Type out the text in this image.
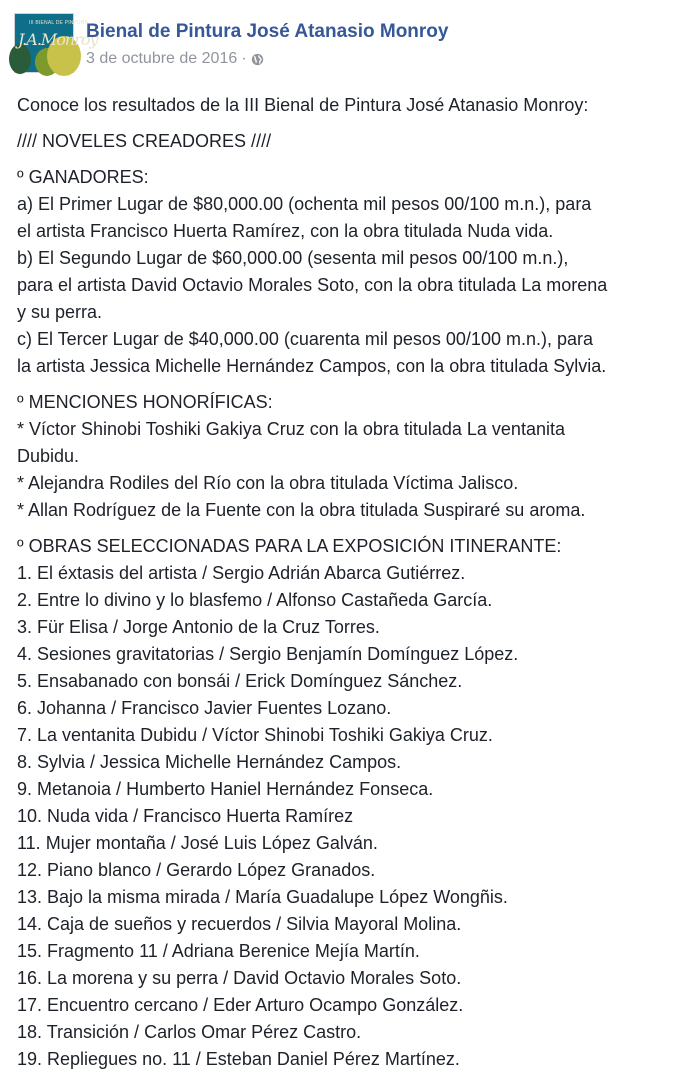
III BIENAL DE PINTURA
J.A.Monroy
Bienal de Pintura José Atanasio Monroy
3 de octubre de 2016 ·

Conoce los resultados de la III Bienal de Pintura José Atanasio Monroy:

//// NOVELES CREADORES ////

º GANADORES:

a) El Primer Lugar de $80,000.00 (ochenta mil pesos 00/100 m.n.), para

el artista Francisco Huerta Ramírez, con la obra titulada Nuda vida.

b) El Segundo Lugar de $60,000.00 (sesenta mil pesos 00/100 m.n.),

para el artista David Octavio Morales Soto, con la obra titulada La morena

y su perra.

c) El Tercer Lugar de $40,000.00 (cuarenta mil pesos 00/100 m.n.), para

la artista Jessica Michelle Hernández Campos, con la obra titulada Sylvia.

º MENCIONES HONORÍFICAS:

* Víctor Shinobi Toshiki Gakiya Cruz con la obra titulada La ventanita

Dubidu.

* Alejandra Rodiles del Río con la obra titulada Víctima Jalisco.

* Allan Rodríguez de la Fuente con la obra titulada Suspiraré su aroma.

º OBRAS SELECCIONADAS PARA LA EXPOSICIÓN ITINERANTE:

1. El éxtasis del artista / Sergio Adrián Abarca Gutiérrez.

2. Entre lo divino y lo blasfemo / Alfonso Castañeda García.

3. Für Elisa / Jorge Antonio de la Cruz Torres.

4. Sesiones gravitatorias / Sergio Benjamín Domínguez López.

5. Ensabanado con bonsái / Erick Domínguez Sánchez.

6. Johanna / Francisco Javier Fuentes Lozano.

7. La ventanita Dubidu / Víctor Shinobi Toshiki Gakiya Cruz.

8. Sylvia / Jessica Michelle Hernández Campos.

9. Metanoia / Humberto Haniel Hernández Fonseca.

10. Nuda vida / Francisco Huerta Ramírez

11. Mujer montaña / José Luis López Galván.

12. Piano blanco / Gerardo López Granados.

13. Bajo la misma mirada / María Guadalupe López Wongñis.

14. Caja de sueños y recuerdos / Silvia Mayoral Molina.

15. Fragmento 11 / Adriana Berenice Mejía Martín.

16. La morena y su perra / David Octavio Morales Soto.

17. Encuentro cercano / Eder Arturo Ocampo González.

18. Transición / Carlos Omar Pérez Castro.

19. Repliegues no. 11 / Esteban Daniel Pérez Martínez.
